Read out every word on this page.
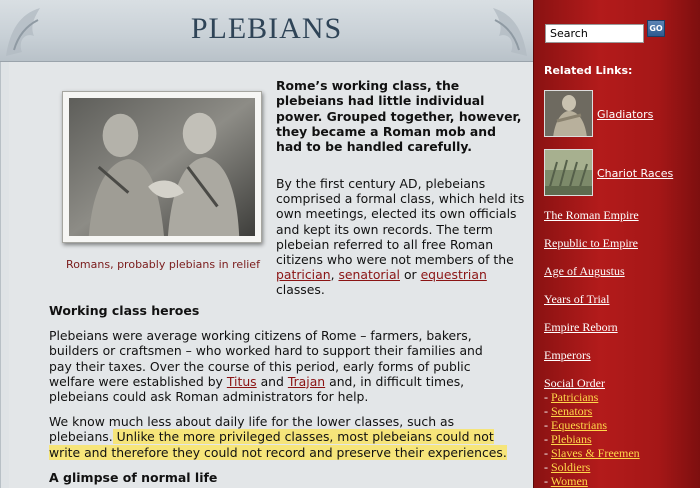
PLEBIANS
Romans, probably plebians in relief
Rome’s working class, the plebeians had little individual power. Grouped together, however, they became a Roman mob and had to be handled carefully.
By the first century AD, plebeians comprised a formal class, which held its own meetings, elected its own officials and kept its own records. The term plebeian referred to all free Roman citizens who were not members of the patrician, senatorial or equestrian classes.
Working class heroes
Plebeians were average working citizens of Rome – farmers, bakers, builders or craftsmen – who worked hard to support their families and pay their taxes. Over the course of this period, early forms of public welfare were established by Titus and Trajan and, in difficult times, plebeians could ask Roman administrators for help.
We know much less about daily life for the lower classes, such as plebeians. Unlike the more privileged classes, most plebeians could not write and therefore they could not record and preserve their experiences.
A glimpse of normal life
Search
GO
Related Links:
Gladiators
Chariot Races
The Roman Empire
Republic to Empire
Age of Augustus
Years of Trial
Empire Reborn
Emperors
Social Order
- Patricians
- Senators
- Equestrians
- Plebians
- Slaves & Freemen
- Soldiers
- Women
